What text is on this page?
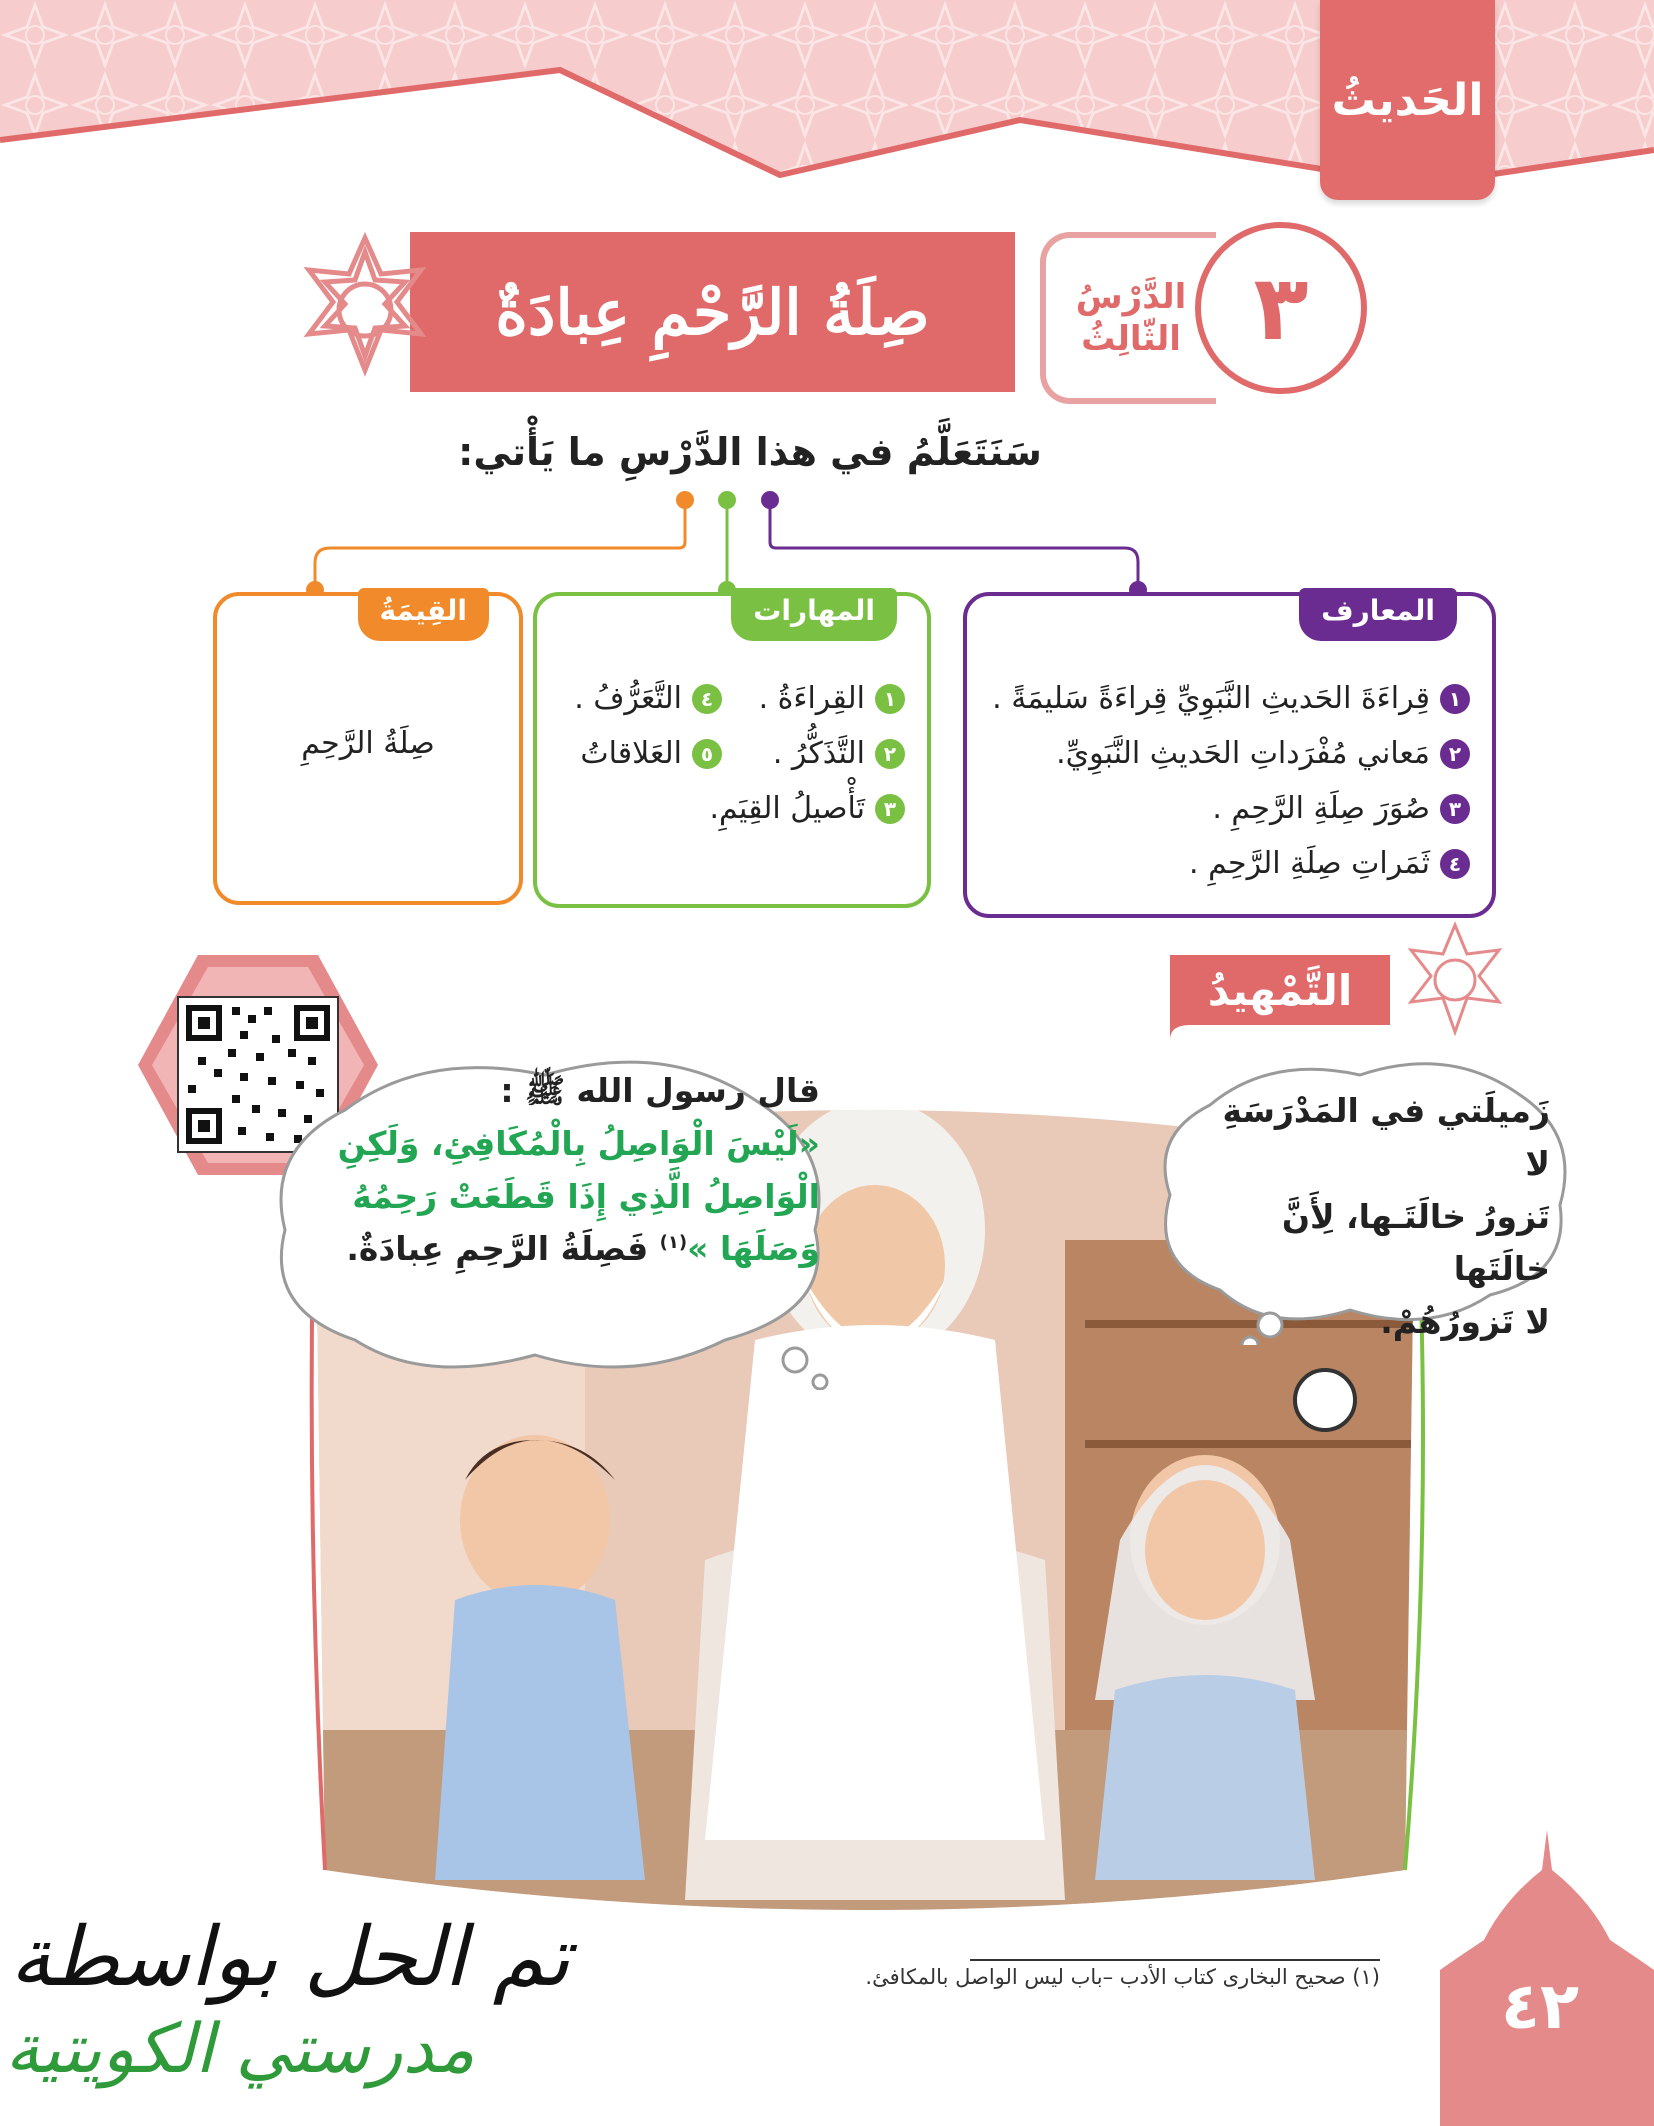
الحَديثُ
الدَّرْسُ
الثّالِثُ ٣
صِلَةُ الرَّحْمِ عِبادَةٌ
سَنَتَعَلَّمُ في هذا الدَّرْسِ ما يَأْتي:
المعارف
١
قِراءَةَ الحَديثِ النَّبَوِيِّ قِراءَةً سَليمَةً .
٢
مَعاني مُفْرَداتِ الحَديثِ النَّبَوِيِّ.
٣
صُوَرَ صِلَةِ الرَّحِمِ .
٤
ثَمَراتِ صِلَةِ الرَّحِمِ .
المهارات
١
القِراءَةُ .
٤
التَّعَرُّفُ .
٢
التَّذَكُّرُ .
٥
العَلاقاتُ
٣
تَأْصيلُ القِيَمِ.
القِيمَةُ
صِلَةُ الرَّحِمِ
التَّمْهيدُ
زَميلَتي في المَدْرَسَةِ لا
تَزورُ خالَتَـها، لِأَنَّ خالَتَها
لا تَزورُهُمْ.
قال رسول الله ﷺ :
«لَيْسَ الْوَاصِلُ بِالْمُكَافِئِ، وَلَكِنِ
الْوَاصِلُ الَّذِي إِذَا قَطَعَتْ رَحِمُهُ
وَصَلَهَا »$^{(١)}$ فَصِلَةُ الرَّحِمِ عِبادَةٌ.
(١) صحيح البخارى كتاب الأدب –باب ليس الواصل بالمكافئ.	٤٢
تم الحل بواسطة
مدرستي الكويتية
